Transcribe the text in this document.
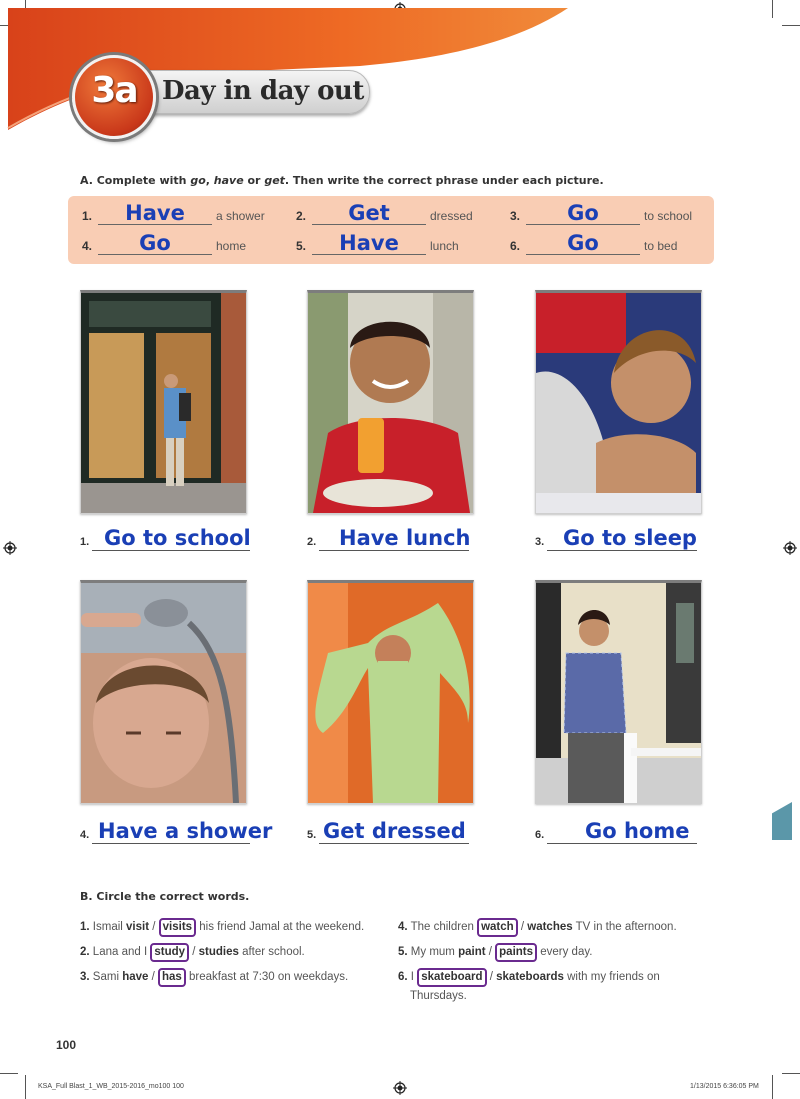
3a Day in day out
A. Complete with go, have or get. Then write the correct phrase under each picture.
1.	Have	a shower	2.	Get	dressed	3.	Go	to school
4.	Go	home	5.	Have	lunch	6.	Go	to bed
1. Go to school	2. Have lunch	3. Go to sleep
4. Have a shower	5. Get dressed	6. Go home
B. Circle the correct words.
1. Ismail visit / visits his friend Jamal at the weekend.
2. Lana and I study / studies after school.
3. Sami have / has breakfast at 7:30 on weekdays.
4. The children watch / watches TV in the afternoon.
5. My mum paint / paints every day.
6. I skateboard / skateboards with my friends on
Thursdays.
100
KSA_Full Blast_1_WB_2015-2016_mo100 100	1/13/2015 6:36:05 PM
